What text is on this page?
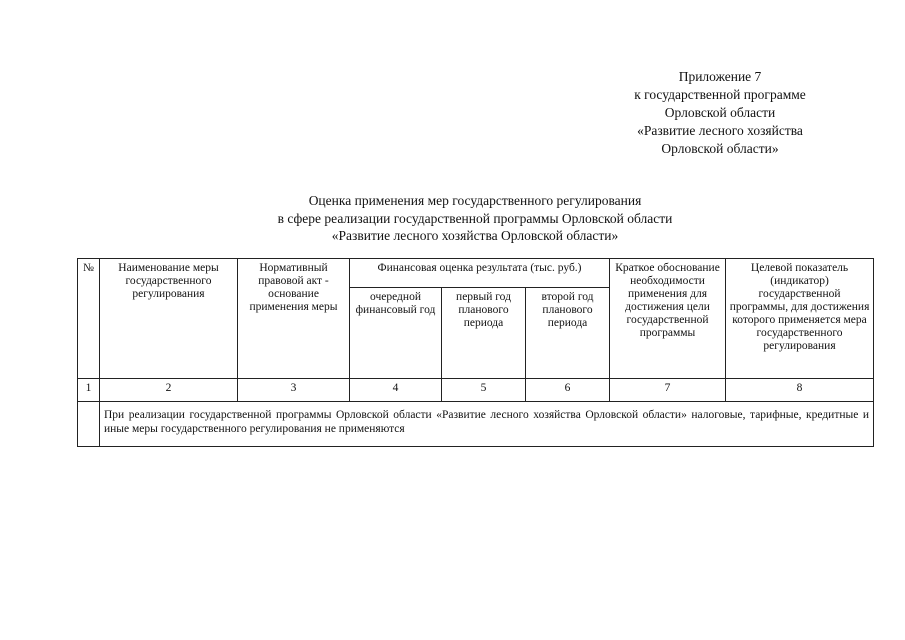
Приложение 7
к государственной программе
Орловской области
«Развитие лесного хозяйства
Орловской области»
Оценка применения мер государственного регулирования
в сфере реализации государственной программы Орловской области
«Развитие лесного хозяйства Орловской области»
№	Наименование меры государственного регулирования	Нормативный правовой акт - основание применения меры	Финансовая оценка результата (тыс. руб.)			Краткое обоснование необходимости применения для достижения цели государственной программы	Целевой показатель (индикатор) государственной программы, для достижения которого применяется мера государственного регулирования
			очередной финансовый год	первый год планового периода	второй год планового периода		
1	2	3	4	5	6	7	8
	При реализации государственной программы Орловской области «Развитие лесного хозяйства Орловской области» налоговые, тарифные, кредитные и иные меры государственного регулирования не применяются						
